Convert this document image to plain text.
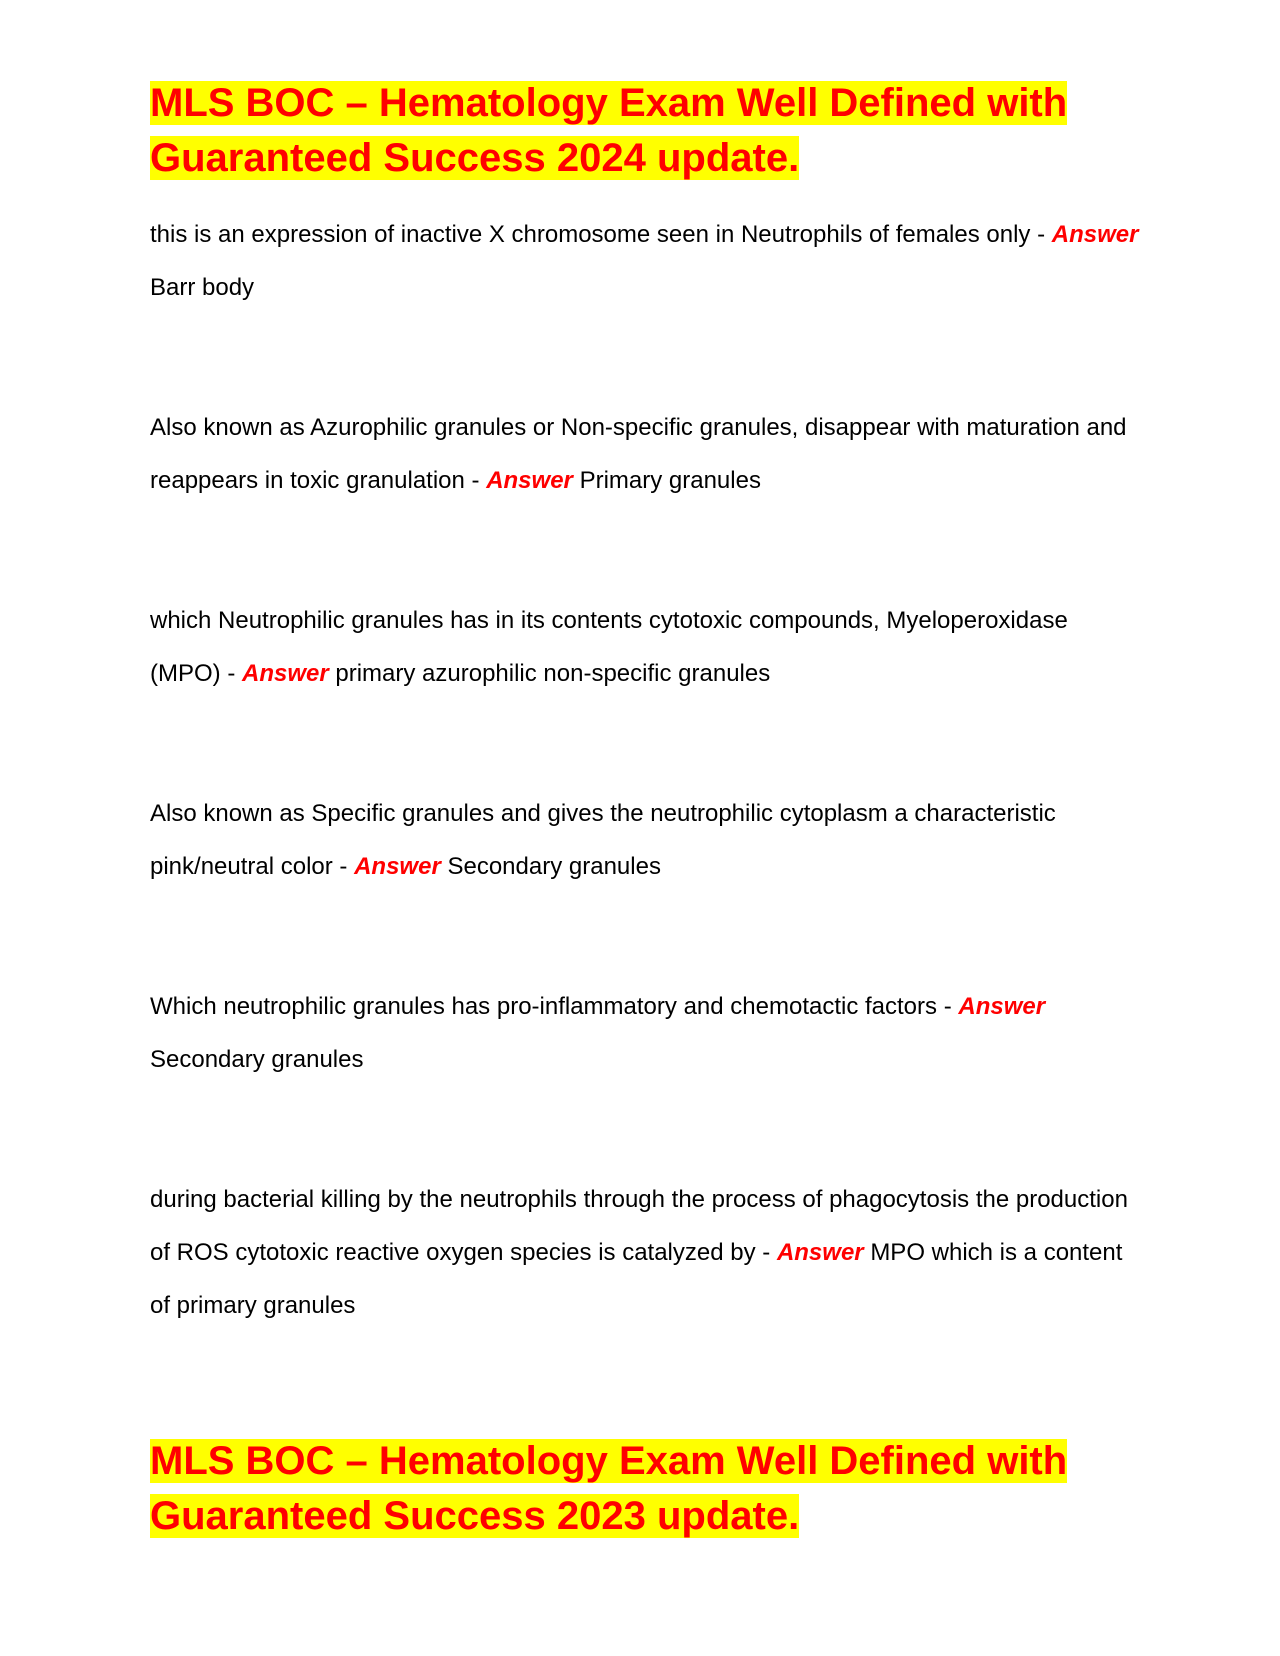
MLS BOC – Hematology Exam Well Defined with Guaranteed Success 2024 update.

this is an expression of inactive X chromosome seen in Neutrophils of females only - Answer Barr body

Also known as Azurophilic granules or Non-specific granules, disappear with maturation and reappears in toxic granulation - Answer Primary granules

which Neutrophilic granules has in its contents cytotoxic compounds, Myeloperoxidase (MPO) - Answer primary azurophilic non-specific granules

Also known as Specific granules and gives the neutrophilic cytoplasm a characteristic pink/neutral color - Answer Secondary granules

Which neutrophilic granules has pro-inflammatory and chemotactic factors - Answer Secondary granules

during bacterial killing by the neutrophils through the process of phagocytosis the production of ROS cytotoxic reactive oxygen species is catalyzed by - Answer MPO which is a content of primary granules

MLS BOC – Hematology Exam Well Defined with Guaranteed Success 2023 update.
